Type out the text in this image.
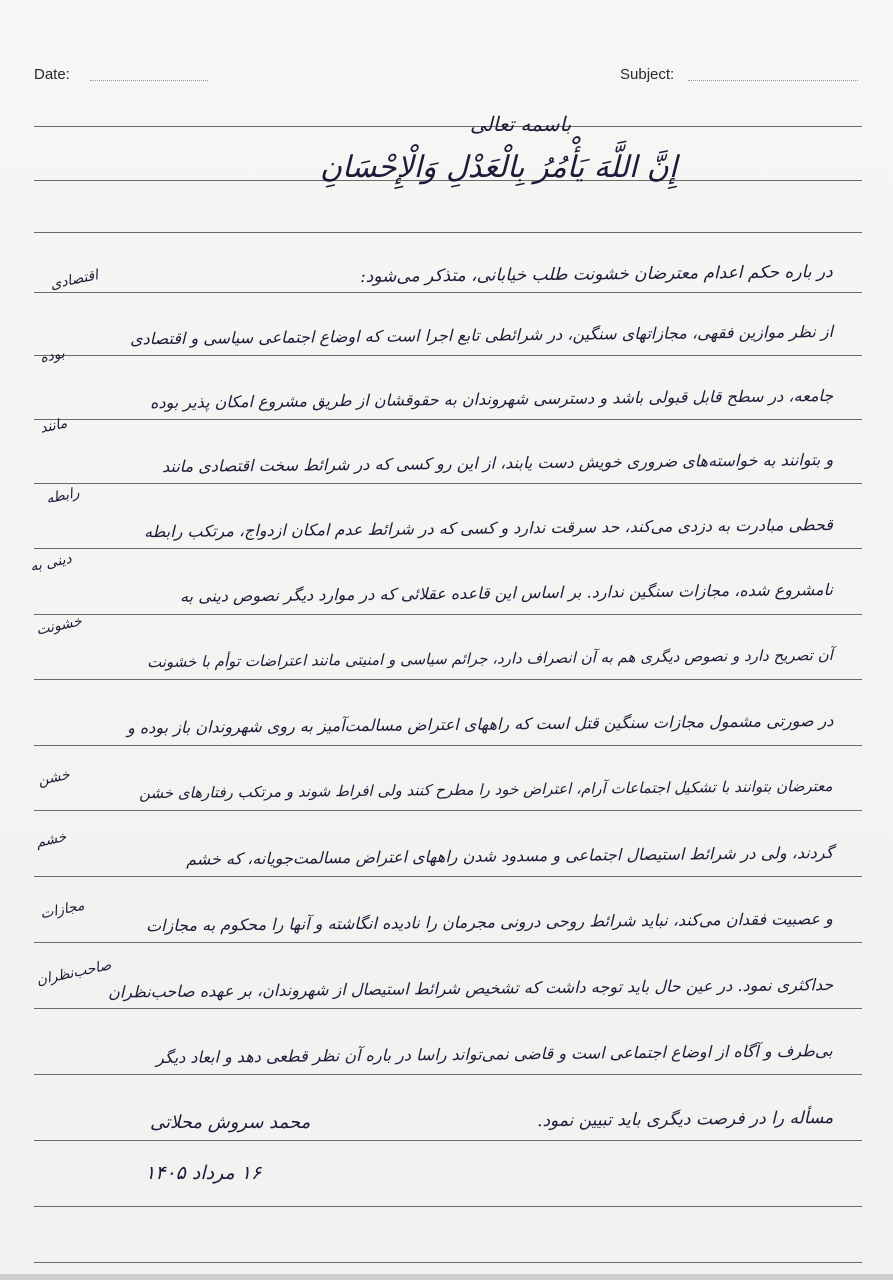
Date:	Subject:
باسمه تعالی
إِنَّ اللَّهَ يَأْمُرُ بِالْعَدْلِ وَالْإِحْسَانِ
در باره حکم اعدام معترضان خشونت طلب خیابانی، متذکر می‌شود:
از نظر موازین فقهی، مجازاتهای سنگین، در شرائطی تابع اجرا است که اوضاع اجتماعی سیاسی و اقتصادی
جامعه، در سطح قابل قبولی باشد و دسترسی شهروندان به حقوقشان از طریق مشروع امکان پذیر بوده
و بتوانند به خواسته‌های ضروری خویش دست یابند، از این رو کسی که در شرائط سخت اقتصادی مانند
قحطی مبادرت به دزدی می‌کند، حد سرقت ندارد و کسی که در شرائط عدم امکان ازدواج، مرتکب رابطه
نامشروع شده، مجازات سنگین ندارد. بر اساس این قاعده عقلائی که در موارد دیگر نصوص دینی به
آن تصریح دارد و نصوص دیگری هم به آن انصراف دارد، جرائم سیاسی و امنیتی مانند اعتراضات توأم با خشونت
در صورتی مشمول مجازات سنگین قتل است که راههای اعتراض مسالمت‌آمیز به روی شهروندان باز بوده و
معترضان بتوانند با تشکیل اجتماعات آرام، اعتراض خود را مطرح کنند ولی افراط شوند و مرتکب رفتارهای خشن
گردند، ولی در شرائط استیصال اجتماعی و مسدود شدن راههای اعتراض مسالمت‌جویانه، که خشم
و عصبیت فقدان می‌کند، نباید شرائط روحی درونی مجرمان را نادیده انگاشته و آنها را محکوم به مجازات
حداکثری نمود. در عین حال باید توجه داشت که تشخیص شرائط استیصال از شهروندان، بر عهده صاحب‌نظران
بی‌طرف و آگاه از اوضاع اجتماعی است و قاضی نمی‌تواند راسا در باره آن نظر قطعی دهد و ابعاد دیگر
مسأله را در فرصت دیگری باید تبیین نمود.
اقتصادی
بوده
مانند
رابطه
دینی به
خشونت
خشن
خشم
مجازات
صاحب‌نظران
محمد سروش محلاتی
۱۶ مرداد ۱۴۰۵
